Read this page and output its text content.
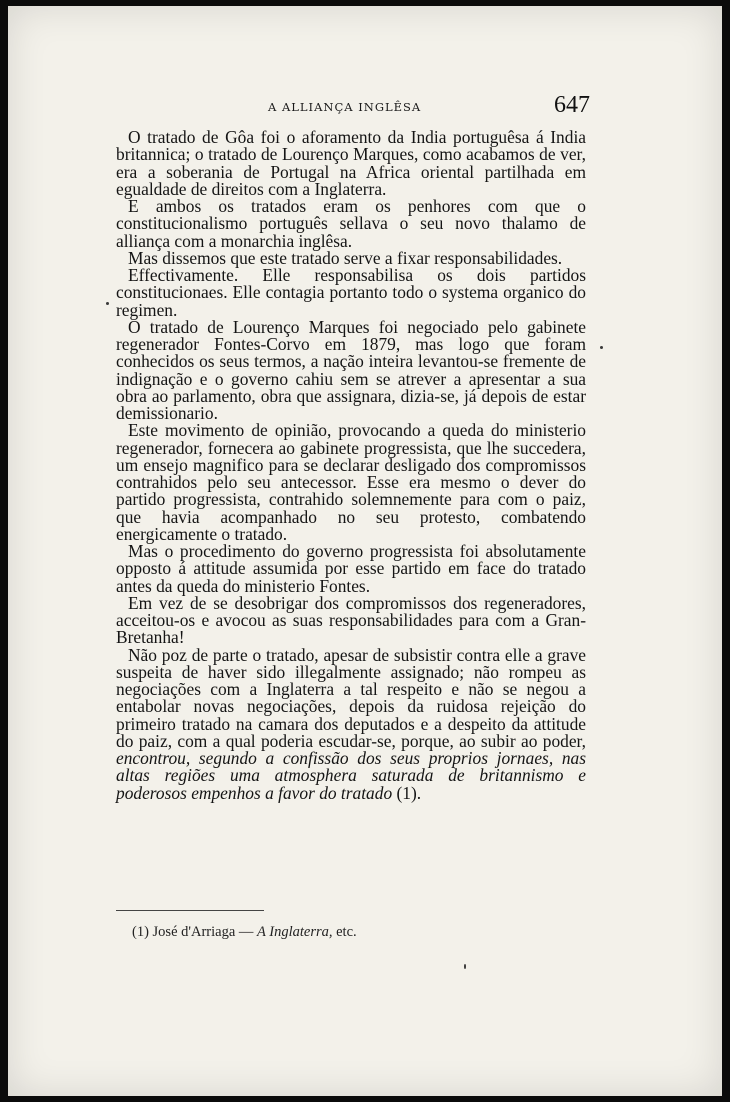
A ALLIANÇA INGLÊSA	647

O tratado de Gôa foi o aforamento da India portuguêsa á India britannica; o tratado de Lourenço Marques, como acabamos de ver, era a soberania de Portugal na Africa oriental partilhada em egualdade de direitos com a Inglaterra.

E ambos os tratados eram os penhores com que o constitucionalismo português sellava o seu novo thalamo de alliança com a monarchia inglêsa.

Mas dissemos que este tratado serve a fixar responsabilidades.

Effectivamente. Elle responsabilisa os dois partidos constitucionaes. Elle contagia portanto todo o systema organico do regimen.

O tratado de Lourenço Marques foi negociado pelo gabinete regenerador Fontes-Corvo em 1879, mas logo que foram conhecidos os seus termos, a nação inteira levantou-se fremente de indignação e o governo cahiu sem se atrever a apresentar a sua obra ao parlamento, obra que assignara, dizia-se, já depois de estar demissionario.

Este movimento de opinião, provocando a queda do ministerio regenerador, fornecera ao gabinete progressista, que lhe succedera, um ensejo magnifico para se declarar desligado dos compromissos contrahidos pelo seu antecessor. Esse era mesmo o dever do partido progressista, contrahido solemnemente para com o paiz, que havia acompanhado no seu protesto, combatendo energicamente o tratado.

Mas o procedimento do governo progressista foi absolutamente opposto á attitude assumida por esse partido em face do tratado antes da queda do ministerio Fontes.

Em vez de se desobrigar dos compromissos dos regeneradores, acceitou-os e avocou as suas responsabilidades para com a Gran-Bretanha!

Não poz de parte o tratado, apesar de subsistir contra elle a grave suspeita de haver sido illegalmente assignado; não rompeu as negociações com a Inglaterra a tal respeito e não se negou a entabolar novas negociações, depois da ruidosa rejeição do primeiro tratado na camara dos deputados e a despeito da attitude do paiz, com a qual poderia escudar-se, porque, ao subir ao poder, encontrou, segundo a confissão dos seus proprios jornaes, nas altas regiões uma atmosphera saturada de britannismo e poderosos empenhos a favor do tratado (1).

(1) José d'Arriaga — A Inglaterra, etc.
